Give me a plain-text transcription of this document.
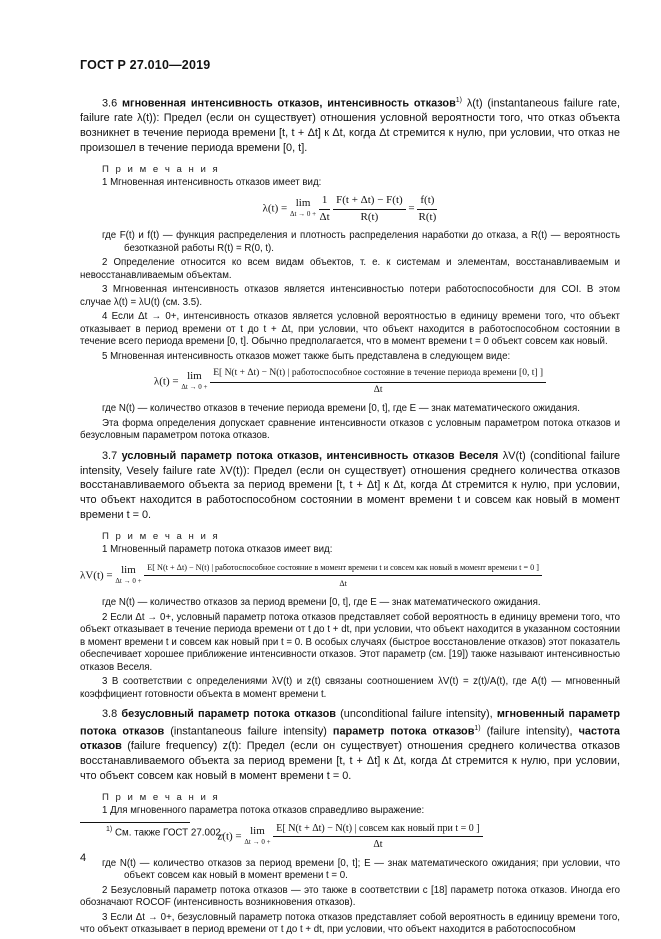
ГОСТ Р 27.010—2019

3.6 мгновенная интенсивность отказов, интенсивность отказов$^{1)}$ λ(t) (instantaneous failure rate, failure rate λ(t)): Предел (если он существует) отношения условной вероятности того, что отказ объекта возникнет в течение периода времени [t, t + Δt] к Δt, когда Δt стремится к нулю, при условии, что отказ не произошел в течение периода времени [0, t].

П р и м е ч а н и я

1 Мгновенная интенсивность отказов имеет вид:

λ(t) = lim
Δt → 0 +
$\frac{1}{\Delta t}$
$\frac{F(t + \Delta t) - F(t)}{R(t)} = \frac{f(t)}{R(t)}$

где F(t) и f(t) — функция распределения и плотность распределения наработки до отказа, а R(t) — вероятность безотказной работы R(t) = R(0, t).

2 Определение относится ко всем видам объектов, т. е. к системам и элементам, восстанавливаемым и невосстанавливаемым объектам.

3 Мгновенная интенсивность отказов является интенсивностью потери работоспособности для COI. В этом случае λ(t) = λU(t) (см. 3.5).

4 Если Δt → 0+, интенсивность отказов является условной вероятностью в единицу времени того, что объект отказывает в период времени от t до t + Δt, при условии, что объект находится в работоспособном состоянии в течение всего периода времени [0, t]. Обычно предполагается, что в момент времени t = 0 объект совсем как новый.

5 Мгновенная интенсивность отказов может также быть представлена в следующем виде:

λ(t) = lim
Δt → 0 +

E[ N(t + Δt) − N(t) | работоспособное состояние в течение периода времени [0, t] ]
Δt

где N(t) — количество отказов в течение периода времени [0, t], где E — знак математического ожидания.

Эта форма определения допускает сравнение интенсивности отказов с условным параметром потока отказов и безусловным параметром потока отказов.

3.7 условный параметр потока отказов, интенсивность отказов Веселя λV(t) (conditional failure intensity, Vesely failure rate λV(t)): Предел (если он существует) отношения среднего количества отказов восстанавливаемого объекта за период времени [t, t + Δt] к Δt, когда Δt стремится к нулю, при условии, что объект находится в работоспособном состоянии в момент времени t и совсем как новый в момент времени t = 0.

П р и м е ч а н и я

1 Мгновенный параметр потока отказов имеет вид:

λV(t) = lim
Δt → 0 +

E[ N(t + Δt) − N(t) | работоспособное состояние в момент времени t и совсем как новый в момент времени t = 0 ]
Δt

где N(t) — количество отказов за период времени [0, t], где E — знак математического ожидания.

2 Если Δt → 0+, условный параметр потока отказов представляет собой вероятность в единицу времени того, что объект отказывает в течение периода времени от t до t + dt, при условии, что объект находится в указанном состоянии в момент времени t и совсем как новый при t = 0. В особых случаях (быстрое восстановление отказов) этот показатель обеспечивает хорошее приближение интенсивности отказов. Этот параметр (см. [19]) также называют интенсивностью отказов Веселя.

3 В соответствии с определениями λV(t) и z(t) связаны соотношением λV(t) = z(t)/A(t), где A(t) — мгновенный коэффициент готовности объекта в момент времени t.

3.8 безусловный параметр потока отказов (unconditional failure intensity), мгновенный параметр потока отказов (instantaneous failure intensity) параметр потока отказов$^{1)}$ (failure intensity), частота отказов (failure frequency) z(t): Предел (если он существует) отношения среднего количества отказов восстанавливаемого объекта за период времени [t, t + Δt] к Δt, когда Δt стремится к нулю, при условии, что объект совсем как новый в момент времени t = 0.

П р и м е ч а н и я

1 Для мгновенного параметра потока отказов справедливо выражение:

z(t) = lim
Δt → 0 +
$\frac{\text{E[ N(t + Δt) − N(t) | совсем как новый при t = 0 ]}}{\Delta t}$

где N(t) — количество отказов за период времени [0, t]; E — знак математического ожидания; при условии, что объект совсем как новый в момент времени t = 0.

2 Безусловный параметр потока отказов — это также в соответствии с [18] параметр потока отказов. Иногда его обозначают ROCOF (интенсивность возникновения отказов).

3 Если Δt → 0+, безусловный параметр потока отказов представляет собой вероятность в единицу времени того, что объект отказывает в период времени от t до t + dt, при условии, что объект находится в работоспособном

$^{1)}$ См. также ГОСТ 27.002.
4
